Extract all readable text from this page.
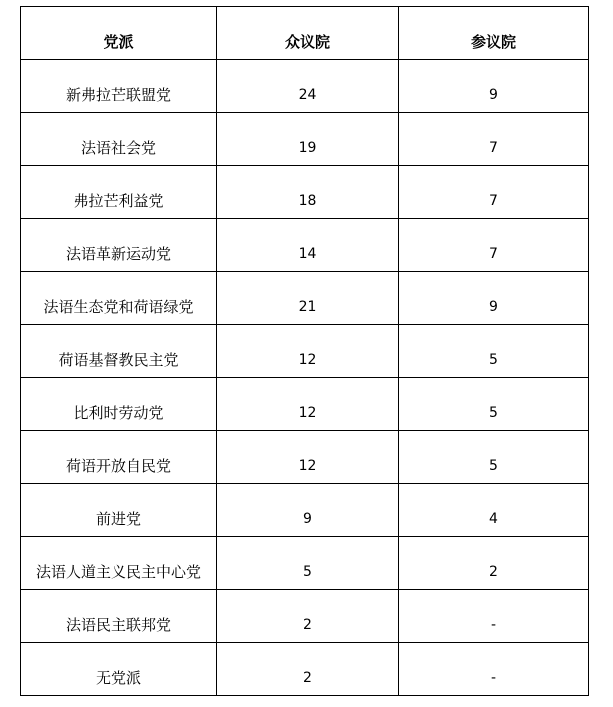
党派	众议院	参议院
新弗拉芒联盟党	24	9
法语社会党	19	7
弗拉芒利益党	18	7
法语革新运动党	14	7
法语生态党和荷语绿党	21	9
荷语基督教民主党	12	5
比利时劳动党	12	5
荷语开放自民党	12	5
前进党	9	4
法语人道主义民主中心党	5	2
法语民主联邦党	2	-
无党派	2	-
